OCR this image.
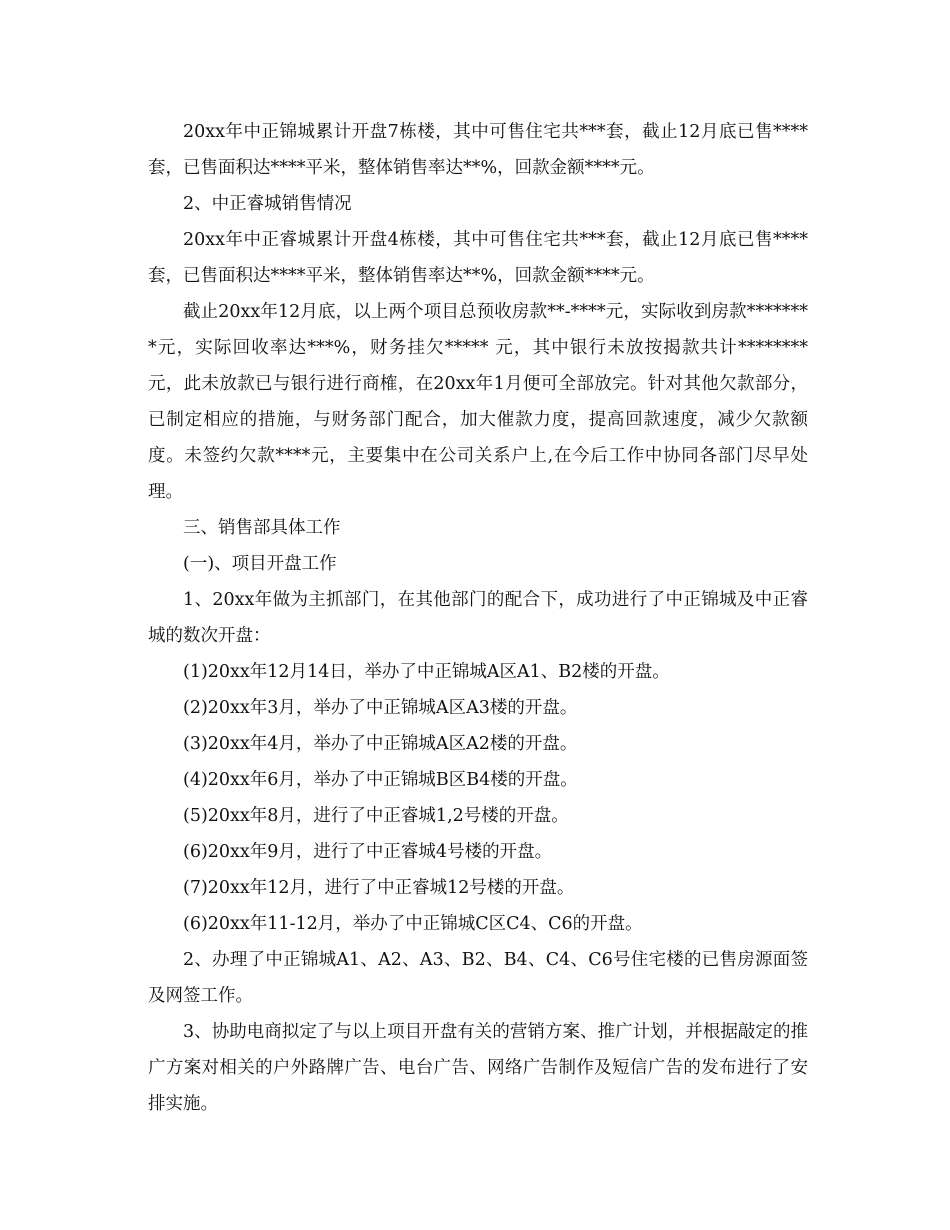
20xx年中正锦城累计开盘7栋楼，其中可售住宅共***套，截止12月底已售****套，已售面积达****平米，整体销售率达**%，回款金额****元。

2、中正睿城销售情况

20xx年中正睿城累计开盘4栋楼，其中可售住宅共***套，截止12月底已售****套，已售面积达****平米，整体销售率达**%，回款金额****元。

截止20xx年12月底，以上两个项目总预收房款**-****元，实际收到房款********元，实际回收率达***%，财务挂欠***** 元，其中银行未放按揭款共计********元，此未放款已与银行进行商榷，在20xx年1月便可全部放完。针对其他欠款部分，已制定相应的措施，与财务部门配合，加大催款力度，提高回款速度，减少欠款额度。未签约欠款****元，主要集中在公司关系户上,在今后工作中协同各部门尽早处理。

三、销售部具体工作

(一)、项目开盘工作

1、20xx年做为主抓部门，在其他部门的配合下，成功进行了中正锦城及中正睿城的数次开盘：

(1)20xx年12月14日，举办了中正锦城A区A1、B2楼的开盘。

(2)20xx年3月，举办了中正锦城A区A3楼的开盘。

(3)20xx年4月，举办了中正锦城A区A2楼的开盘。

(4)20xx年6月，举办了中正锦城B区B4楼的开盘。

(5)20xx年8月，进行了中正睿城1,2号楼的开盘。

(6)20xx年9月，进行了中正睿城4号楼的开盘。

(7)20xx年12月，进行了中正睿城12号楼的开盘。

(6)20xx年11-12月，举办了中正锦城C区C4、C6的开盘。

2、办理了中正锦城A1、A2、A3、B2、B4、C4、C6号住宅楼的已售房源面签及网签工作。

3、协助电商拟定了与以上项目开盘有关的营销方案、推广计划，并根据敲定的推广方案对相关的户外路牌广告、电台广告、网络广告制作及短信广告的发布进行了安排实施。
